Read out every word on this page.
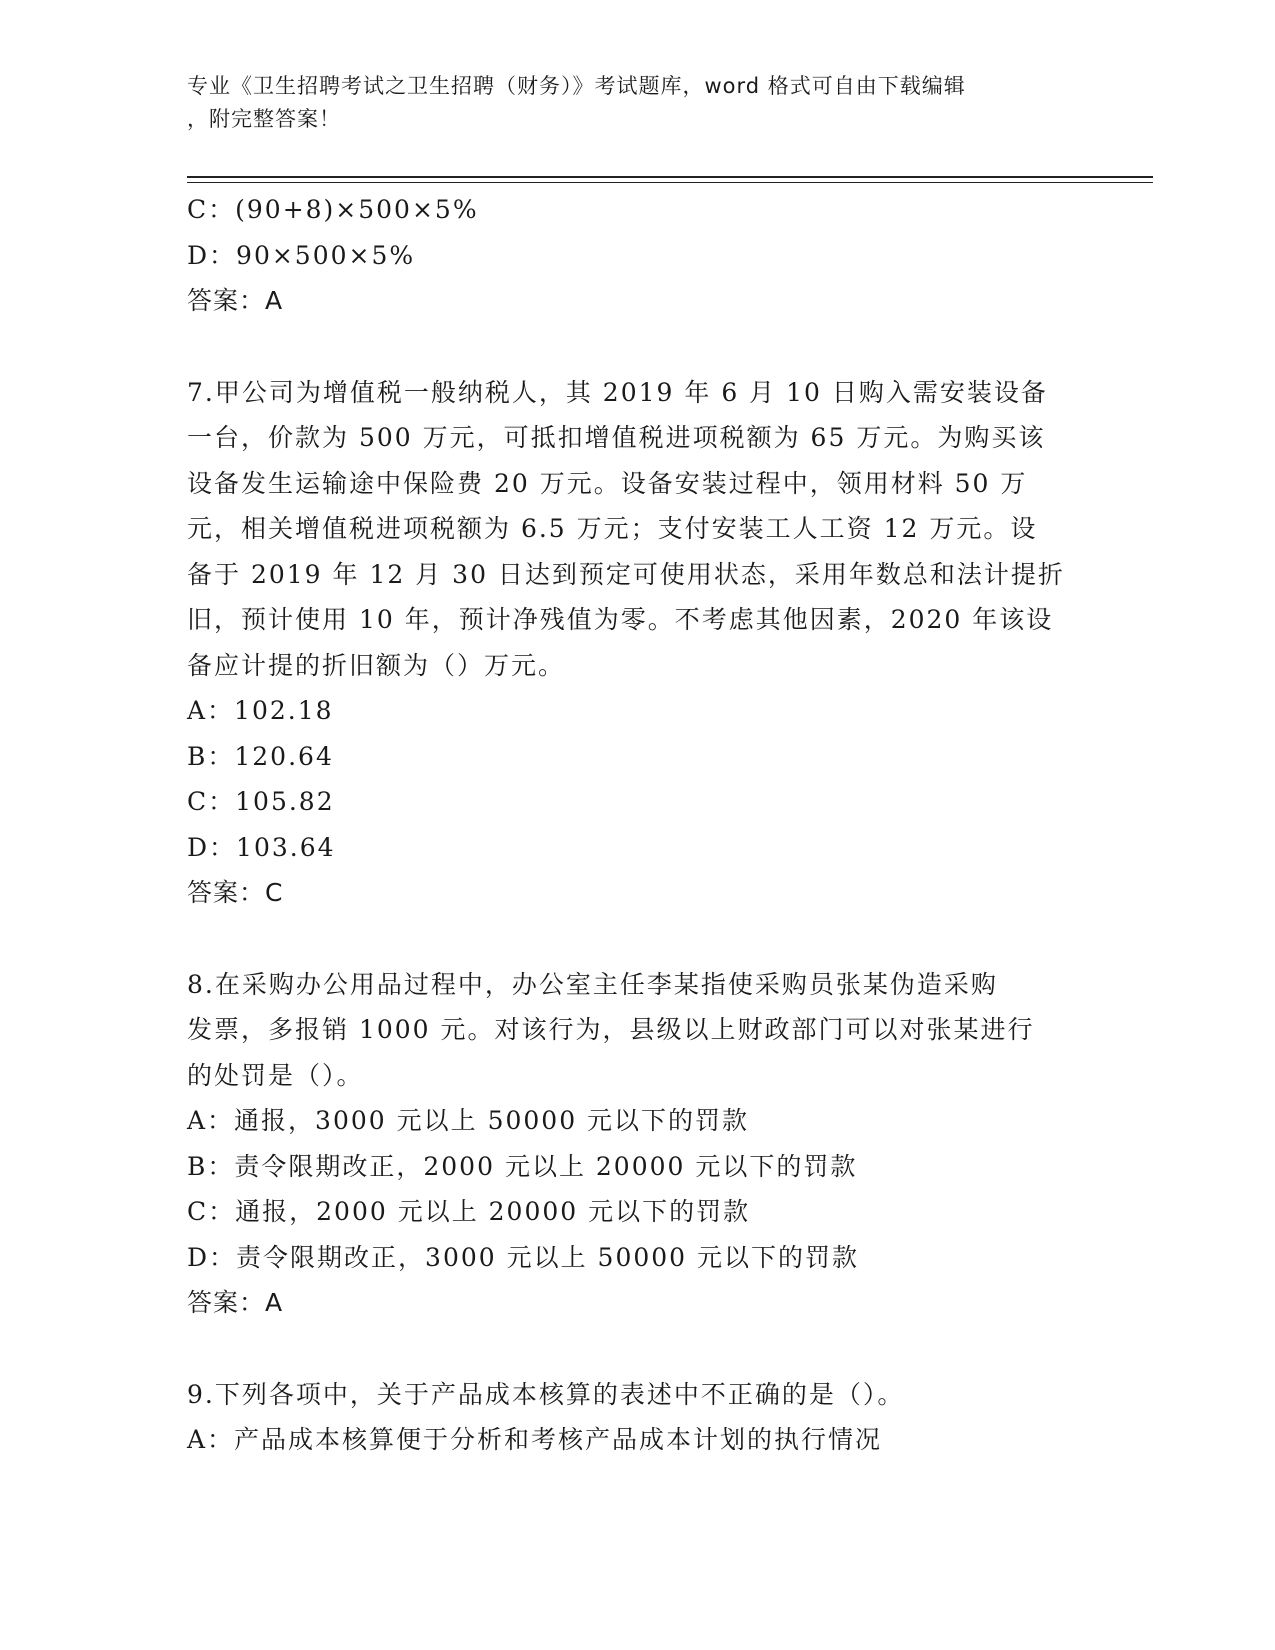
专业《卫生招聘考试之卫生招聘（财务）》考试题库，word 格式可自由下载编辑
，附完整答案！
C：(90+8)×500×5%
D：90×500×5%
答案：A
7.甲公司为增值税一般纳税人，其 2019 年 6 月 10 日购入需安装设备
一台，价款为 500 万元，可抵扣增值税进项税额为 65 万元。为购买该
设备发生运输途中保险费 20 万元。设备安装过程中，领用材料 50 万
元，相关增值税进项税额为 6.5 万元；支付安装工人工资 12 万元。设
备于 2019 年 12 月 30 日达到预定可使用状态，采用年数总和法计提折
旧，预计使用 10 年，预计净残值为零。不考虑其他因素，2020 年该设
备应计提的折旧额为（）万元。
A：102.18
B：120.64
C：105.82
D：103.64
答案：C
8.在采购办公用品过程中，办公室主任李某指使采购员张某伪造采购
发票，多报销 1000 元。对该行为，县级以上财政部门可以对张某进行
的处罚是（）。
A：通报，3000 元以上 50000 元以下的罚款
B：责令限期改正，2000 元以上 20000 元以下的罚款
C：通报，2000 元以上 20000 元以下的罚款
D：责令限期改正，3000 元以上 50000 元以下的罚款
答案：A
9.下列各项中，关于产品成本核算的表述中不正确的是（）。
A：产品成本核算便于分析和考核产品成本计划的执行情况
